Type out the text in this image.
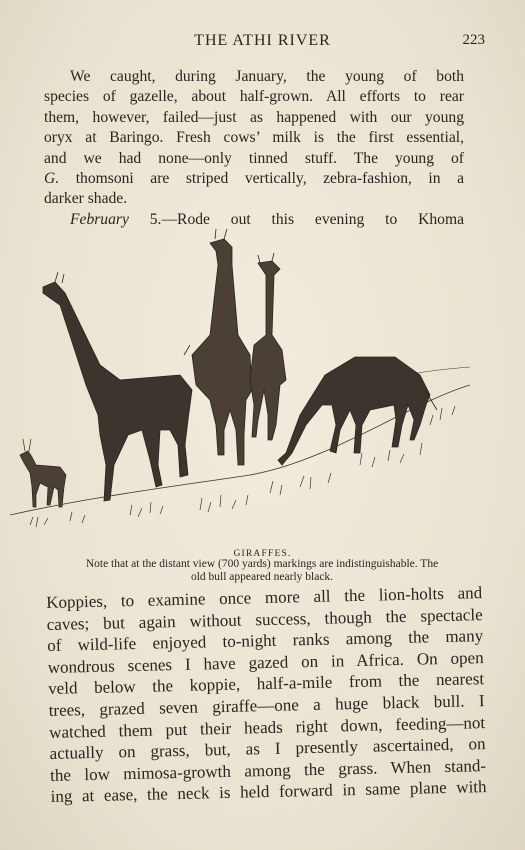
THE ATHI RIVER	223
We caught, during January, the young of both
species of gazelle, about half-grown. All efforts to rear
them, however, failed—just as happened with our young
oryx at Baringo. Fresh cows’ milk is the first essential,
and we had none—only tinned stuff. The young of
G. thomsoni are striped vertically, zebra-fashion, in a
darker shade.
February 5.—Rode out this evening to Khoma
GIRAFFES.
Note that at the distant view (700 yards) markings are indistinguishable. The
old bull appeared nearly black.
Koppies, to examine once more all the lion-holts and
caves; but again without success, though the spectacle
of wild-life enjoyed to-night ranks among the many
wondrous scenes I have gazed on in Africa. On open
veld below the koppie, half-a-mile from the nearest
trees, grazed seven giraffe—one a huge black bull. I
watched them put their heads right down, feeding—not
actually on grass, but, as I presently ascertained, on
the low mimosa-growth among the grass. When stand-
ing at ease, the neck is held forward in same plane with
